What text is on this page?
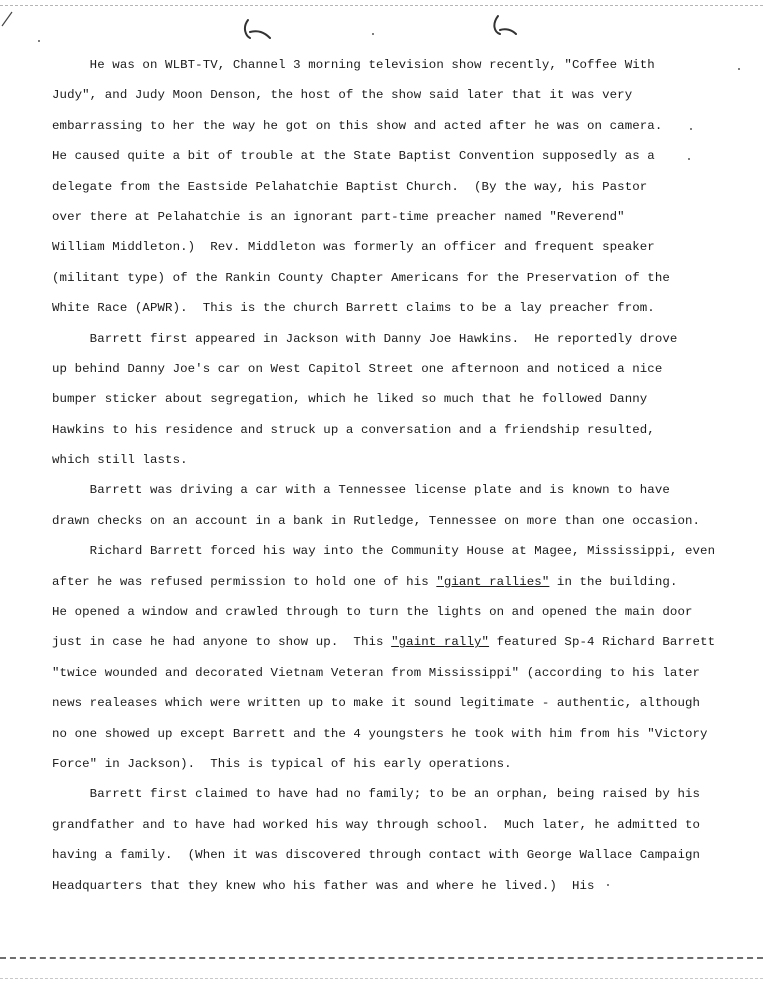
He was on WLBT-TV, Channel 3 morning television show recently, "Coffee With
Judy", and Judy Moon Denson, the host of the show said later that it was very
embarrassing to her the way he got on this show and acted after he was on camera.
He caused quite a bit of trouble at the State Baptist Convention supposedly as a
delegate from the Eastside Pelahatchie Baptist Church.  (By the way, his Pastor
over there at Pelahatchie is an ignorant part-time preacher named "Reverend"
William Middleton.)  Rev. Middleton was formerly an officer and frequent speaker
(militant type) of the Rankin County Chapter Americans for the Preservation of the
White Race (APWR).  This is the church Barrett claims to be a lay preacher from.
Barrett first appeared in Jackson with Danny Joe Hawkins.  He reportedly drove
up behind Danny Joe's car on West Capitol Street one afternoon and noticed a nice
bumper sticker about segregation, which he liked so much that he followed Danny
Hawkins to his residence and struck up a conversation and a friendship resulted,
which still lasts.
Barrett was driving a car with a Tennessee license plate and is known to have
drawn checks on an account in a bank in Rutledge, Tennessee on more than one occasion.
Richard Barrett forced his way into the Community House at Magee, Mississippi, even
after he was refused permission to hold one of his "giant rallies" in the building.
He opened a window and crawled through to turn the lights on and opened the main door
just in case he had anyone to show up.  This "gaint rally" featured Sp-4 Richard Barrett
"twice wounded and decorated Vietnam Veteran from Mississippi" (according to his later
news realeases which were written up to make it sound legitimate - authentic, although
no one showed up except Barrett and the 4 youngsters he took with him from his "Victory
Force" in Jackson).  This is typical of his early operations.
Barrett first claimed to have had no family; to be an orphan, being raised by his
grandfather and to have had worked his way through school.  Much later, he admitted to
having a family.  (When it was discovered through contact with George Wallace Campaign
Headquarters that they knew who his father was and where he lived.)  His
